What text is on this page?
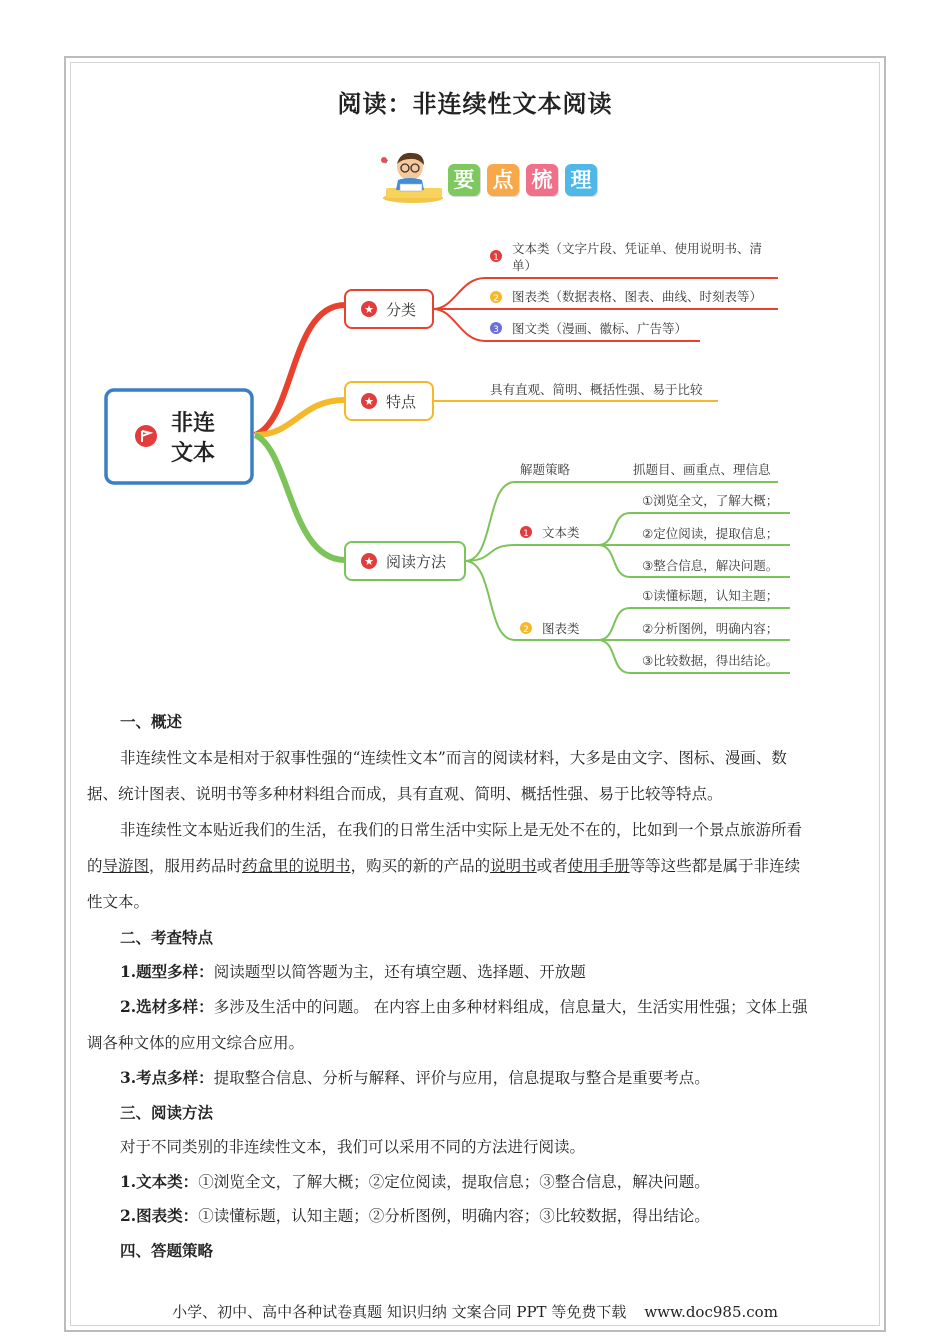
阅读：非连续性文本阅读
要 点 梳 理
非连
文本
★ 分类
1
文本类（文字片段、凭证单、使用说明书、清
单）
2 图表类（数据表格、图表、曲线、时刻表等）
3 图文类（漫画、徽标、广告等）
★ 特点
具有直观、简明、概括性强、易于比较
★ 阅读方法
解题策略	抓题目、画重点、理信息
1 文本类
①浏览全文，了解大概；
②定位阅读，提取信息；
③整合信息，解决问题。
2 图表类
①读懂标题，认知主题；
②分析图例，明确内容；
③比较数据，得出结论。
一、概述
非连续性文本是相对于叙事性强的“连续性文本”而言的阅读材料，大多是由文字、图标、漫画、数
据、统计图表、说明书等多种材料组合而成，具有直观、简明、概括性强、易于比较等特点。
非连续性文本贴近我们的生活，在我们的日常生活中实际上是无处不在的，比如到一个景点旅游所看
的导游图，服用药品时药盒里的说明书，购买的新的产品的说明书或者使用手册等等这些都是属于非连续
性文本。
二、考查特点
1.题型多样：阅读题型以简答题为主，还有填空题、选择题、开放题
2.选材多样：多涉及生活中的问题。 在内容上由多种材料组成，信息量大，生活实用性强；文体上强
调各种文体的应用文综合应用。
3.考点多样：提取整合信息、分析与解释、评价与应用，信息提取与整合是重要考点。
三、阅读方法
对于不同类别的非连续性文本，我们可以采用不同的方法进行阅读。
1.文本类：①浏览全文，了解大概；②定位阅读，提取信息；③整合信息，解决问题。
2.图表类：①读懂标题，认知主题；②分析图例，明确内容；③比较数据，得出结论。
四、答题策略
小学、初中、高中各种试卷真题 知识归纳 文案合同 PPT 等免费下载 www.doc985.com
